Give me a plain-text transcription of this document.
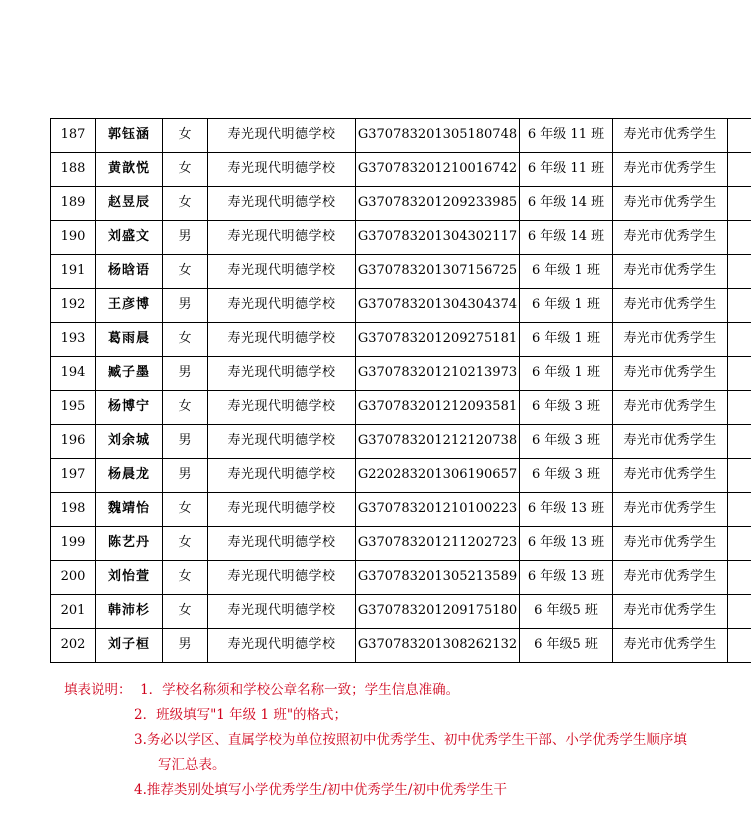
187	郭钰涵	女	寿光现代明德学校	G370783201305180748	6 年级 11 班	寿光市优秀学生	
188	黄歆悦	女	寿光现代明德学校	G370783201210016742	6 年级 11 班	寿光市优秀学生	
189	赵昱辰	女	寿光现代明德学校	G370783201209233985	6 年级 14 班	寿光市优秀学生	
190	刘盛文	男	寿光现代明德学校	G370783201304302117	6 年级 14 班	寿光市优秀学生	
191	杨晗语	女	寿光现代明德学校	G370783201307156725	6 年级 1 班	寿光市优秀学生	
192	王彦博	男	寿光现代明德学校	G370783201304304374	6 年级 1 班	寿光市优秀学生	
193	葛雨晨	女	寿光现代明德学校	G370783201209275181	6 年级 1 班	寿光市优秀学生	
194	臧子墨	男	寿光现代明德学校	G370783201210213973	6 年级 1 班	寿光市优秀学生	
195	杨博宁	女	寿光现代明德学校	G370783201212093581	6 年级 3 班	寿光市优秀学生	
196	刘余城	男	寿光现代明德学校	G370783201212120738	6 年级 3 班	寿光市优秀学生	
197	杨晨龙	男	寿光现代明德学校	G220283201306190657	6 年级 3 班	寿光市优秀学生	
198	魏靖怡	女	寿光现代明德学校	G370783201210100223	6 年级 13 班	寿光市优秀学生	
199	陈艺丹	女	寿光现代明德学校	G370783201211202723	6 年级 13 班	寿光市优秀学生	
200	刘怡萱	女	寿光现代明德学校	G370783201305213589	6 年级 13 班	寿光市优秀学生	
201	韩沛杉	女	寿光现代明德学校	G370783201209175180	6 年级5 班	寿光市优秀学生	
202	刘子桓	男	寿光现代明德学校	G370783201308262132	6 年级5 班	寿光市优秀学生	
填表说明：  1．学校名称须和学校公章名称一致；学生信息准确。
2．班级填写"1 年级 1 班"的格式；
3.务必以学区、直属学校为单位按照初中优秀学生、初中优秀学生干部、小学优秀学生顺序填
写汇总表。
4.推荐类别处填写小学优秀学生/初中优秀学生/初中优秀学生干
